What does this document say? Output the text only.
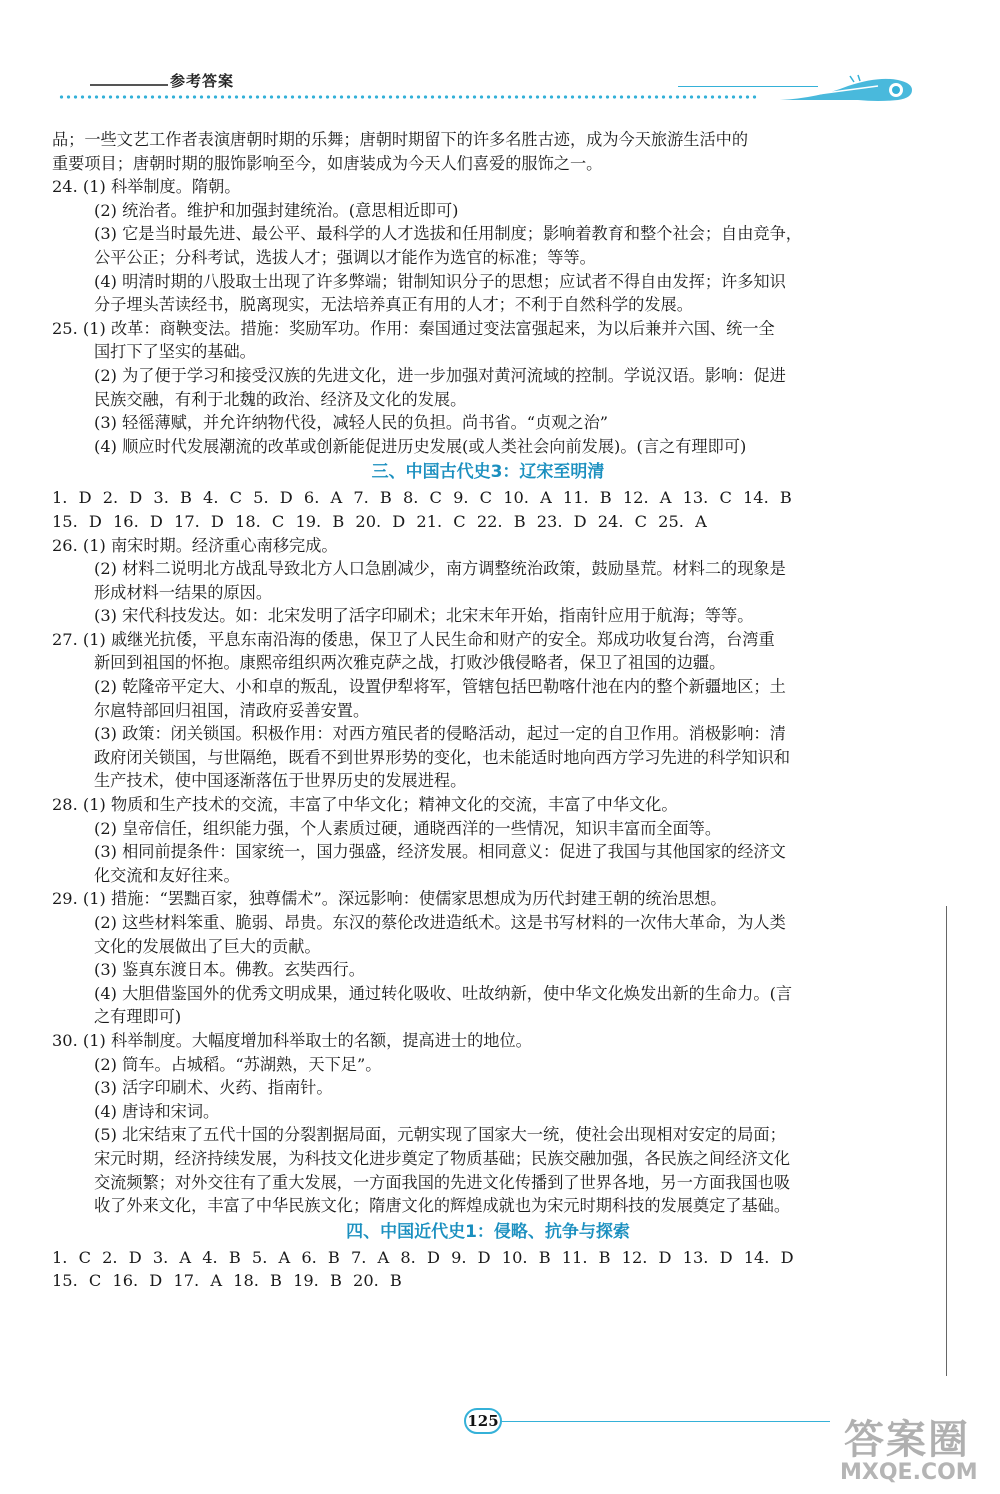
参考答案
品；一些文艺工作者表演唐朝时期的乐舞；唐朝时期留下的许多名胜古迹，成为今天旅游生活中的
重要项目；唐朝时期的服饰影响至今，如唐装成为今天人们喜爱的服饰之一。
24. (1) 科举制度。隋朝。
(2) 统治者。维护和加强封建统治。(意思相近即可)
(3) 它是当时最先进、最公平、最科学的人才选拔和任用制度；影响着教育和整个社会；自由竞争，
公平公正；分科考试，选拔人才；强调以才能作为选官的标准；等等。
(4) 明清时期的八股取士出现了许多弊端；钳制知识分子的思想；应试者不得自由发挥；许多知识
分子埋头苦读经书，脱离现实，无法培养真正有用的人才；不利于自然科学的发展。
25. (1) 改革：商鞅变法。措施：奖励军功。作用：秦国通过变法富强起来，为以后兼并六国、统一全
国打下了坚实的基础。
(2) 为了便于学习和接受汉族的先进文化，进一步加强对黄河流域的控制。学说汉语。影响：促进
民族交融，有利于北魏的政治、经济及文化的发展。
(3) 轻徭薄赋，并允许纳物代役，减轻人民的负担。尚书省。“贞观之治”
(4) 顺应时代发展潮流的改革或创新能促进历史发展(或人类社会向前发展)。(言之有理即可)
三、中国古代史3：辽宋至明清
1. D 2. D 3. B 4. C 5. D 6. A 7. B 8. C 9. C 10. A 11. B 12. A 13. C 14. B
15. D 16. D 17. D 18. C 19. B 20. D 21. C 22. B 23. D 24. C 25. A
26. (1) 南宋时期。经济重心南移完成。
(2) 材料二说明北方战乱导致北方人口急剧减少，南方调整统治政策，鼓励垦荒。材料二的现象是
形成材料一结果的原因。
(3) 宋代科技发达。如：北宋发明了活字印刷术；北宋末年开始，指南针应用于航海；等等。
27. (1) 戚继光抗倭，平息东南沿海的倭患，保卫了人民生命和财产的安全。郑成功收复台湾，台湾重
新回到祖国的怀抱。康熙帝组织两次雅克萨之战，打败沙俄侵略者，保卫了祖国的边疆。
(2) 乾隆帝平定大、小和卓的叛乱，设置伊犁将军，管辖包括巴勒喀什池在内的整个新疆地区；土
尔扈特部回归祖国，清政府妥善安置。
(3) 政策：闭关锁国。积极作用：对西方殖民者的侵略活动，起过一定的自卫作用。消极影响：清
政府闭关锁国，与世隔绝，既看不到世界形势的变化，也未能适时地向西方学习先进的科学知识和
生产技术，使中国逐渐落伍于世界历史的发展进程。
28. (1) 物质和生产技术的交流，丰富了中华文化；精神文化的交流，丰富了中华文化。
(2) 皇帝信任，组织能力强，个人素质过硬，通晓西洋的一些情况，知识丰富而全面等。
(3) 相同前提条件：国家统一，国力强盛，经济发展。相同意义：促进了我国与其他国家的经济文
化交流和友好往来。
29. (1) 措施：“罢黜百家，独尊儒术”。深远影响：使儒家思想成为历代封建王朝的统治思想。
(2) 这些材料笨重、脆弱、昂贵。东汉的蔡伦改进造纸术。这是书写材料的一次伟大革命，为人类
文化的发展做出了巨大的贡献。
(3) 鉴真东渡日本。佛教。玄奘西行。
(4) 大胆借鉴国外的优秀文明成果，通过转化吸收、吐故纳新，使中华文化焕发出新的生命力。(言
之有理即可)
30. (1) 科举制度。大幅度增加科举取士的名额，提高进士的地位。
(2) 筒车。占城稻。“苏湖熟，天下足”。
(3) 活字印刷术、火药、指南针。
(4) 唐诗和宋词。
(5) 北宋结束了五代十国的分裂割据局面，元朝实现了国家大一统，使社会出现相对安定的局面；
宋元时期，经济持续发展，为科技文化进步奠定了物质基础；民族交融加强，各民族之间经济文化
交流频繁；对外交往有了重大发展，一方面我国的先进文化传播到了世界各地，另一方面我国也吸
收了外来文化，丰富了中华民族文化；隋唐文化的辉煌成就也为宋元时期科技的发展奠定了基础。
四、中国近代史1：侵略、抗争与探索
1. C 2. D 3. A 4. B 5. A 6. B 7. A 8. D 9. D 10. B 11. B 12. D 13. D 14. D
15. C 16. D 17. A 18. B 19. B 20. B
125	答案圈
MXQE.COM
